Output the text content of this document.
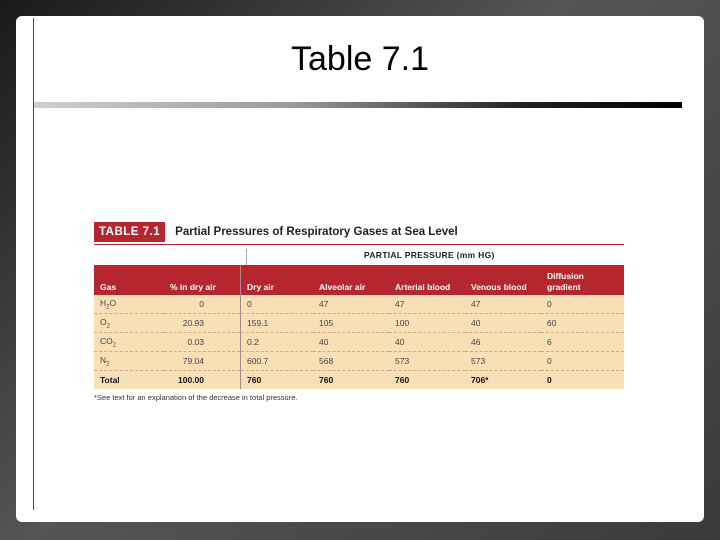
Table 7.1
TABLE 7.1	Partial Pressures of Respiratory Gases at Sea Level
PARTIAL PRESSURE (mm HG)
Gas	% in dry air	Dry air	Alveolar air	Arterial blood	Venous blood	Diffusion gradient
$H_2O$	0	0	47	47	47	0
$O_2$	20.93	159.1	105	100	40	60
$CO_2$	0.03	0.2	40	40	46	6
$N_2$	79.04	600.7	568	573	573	0
Total	100.00	760	760	760	706*	0
*See text for an explanation of the decrease in total pressure.
